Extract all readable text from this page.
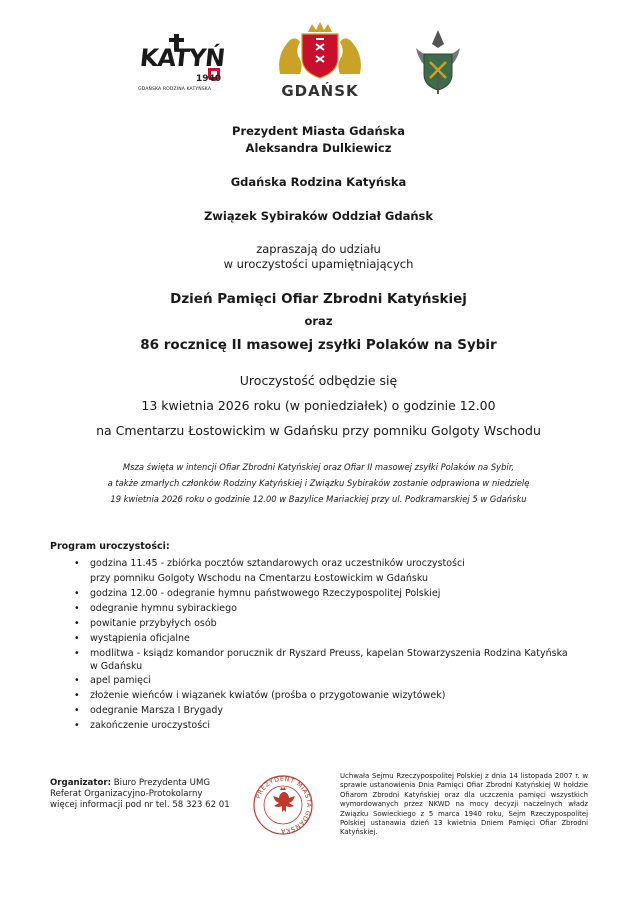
KATYŃ
1940
GDAŃSKA RODZINA KATYŃSKA	GDAŃSK
Prezydent Miasta Gdańska
Aleksandra Dulkiewicz
Gdańska Rodzina Katyńska
Związek Sybiraków Oddział Gdańsk
zapraszają do udziału
w uroczystości upamiętniających
Dzień Pamięci Ofiar Zbrodni Katyńskiej
oraz
86 rocznicę II masowej zsyłki Polaków na Sybir
Uroczystość odbędzie się
13 kwietnia 2026 roku (w poniedziałek) o godzinie 12.00
na Cmentarzu Łostowickim w Gdańsku przy pomniku Golgoty Wschodu
Msza święta w intencji Ofiar Zbrodni Katyńskiej oraz Ofiar II masowej zsyłki Polaków na Sybir,
a także zmarłych członków Rodziny Katyńskiej i Związku Sybiraków zostanie odprawiona w niedzielę
19 kwietnia 2026 roku o godzinie 12.00 w Bazylice Mariackiej przy ul. Podkramarskiej 5 w Gdańsku
Program uroczystości:
• godzina 11.45 - zbiórka pocztów sztandarowych oraz uczestników uroczystości
przy pomniku Golgoty Wschodu na Cmentarzu Łostowickim w Gdańsku
• godzina 12.00 - odegranie hymnu państwowego Rzeczypospolitej Polskiej
• odegranie hymnu sybirackiego
• powitanie przybyłych osób
• wystąpienia oficjalne
• modlitwa - ksiądz komandor porucznik dr Ryszard Preuss, kapelan Stowarzyszenia Rodzina Katyńska
w Gdańsku
• apel pamięci
• złożenie wieńców i wiązanek kwiatów (prośba o przygotowanie wizytówek)
• odegranie Marsza I Brygady
• zakończenie uroczystości
Organizator: Biuro Prezydenta UMG
Referat Organizacyjno-Protokolarny
więcej informacji pod nr tel. 58 323 62 01
PREZYDENT MIASTA GDAŃSKA
Uchwała Sejmu Rzeczypospolitej Polskiej z dnia 14 listopada 2007 r. w sprawie ustanowienia Dnia Pamięci Ofiar Zbrodni Katyńskiej W hołdzie Ofiarom Zbrodni Katyńskiej oraz dla uczczenia pamięci wszystkich wymordowanych przez NKWD na mocy decyzji naczelnych władz Związku Sowieckiego z 5 marca 1940 roku, Sejm Rzeczypospolitej Polskiej ustanawia dzień 13 kwietnia Dniem Pamięci Ofiar Zbrodni Katyńskiej.
